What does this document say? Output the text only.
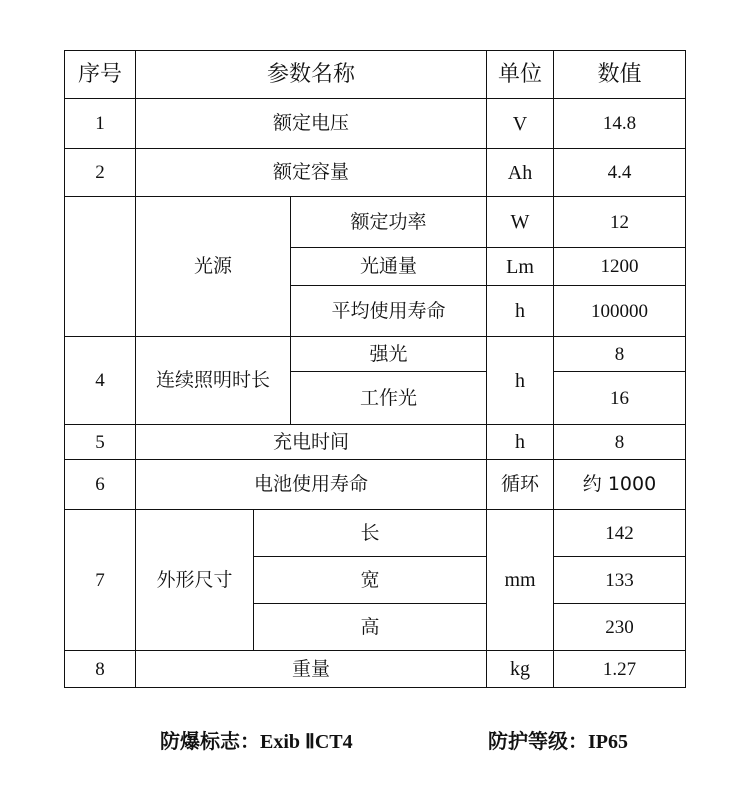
序号	参数名称			单位	数值
1	额定电压			V	14.8
2	额定容量			Ah	4.4
	光源		额定功率	W	12
			光通量	Lm	1200
			平均使用寿命	h	100000
4	连续照明时长		强光	h	8
			工作光		16
5	充电时间			h	8
6	电池使用寿命			循环	约 1000
7	外形尺寸	长		mm	142
		宽			133
		高			230
8	重量			kg	1.27
防爆标志：Exib ⅡCT4	防护等级：IP65
